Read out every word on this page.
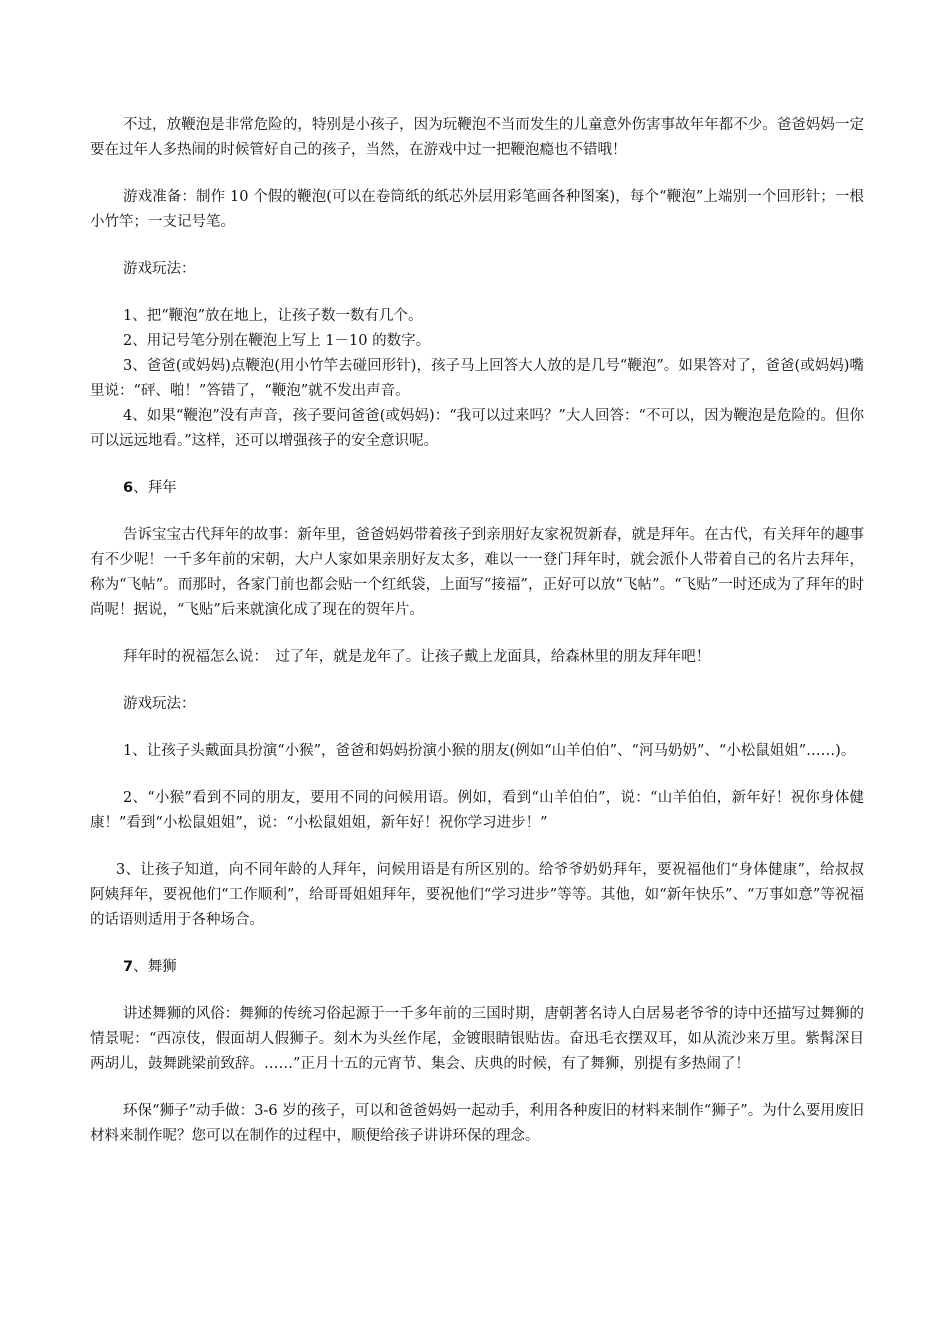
不过，放鞭泡是非常危险的，特别是小孩子，因为玩鞭泡不当而发生的儿童意外伤害事故年年都不少。爸爸妈妈一定要在过年人多热闹的时候管好自己的孩子，当然，在游戏中过一把鞭泡瘾也不错哦！

游戏准备：制作 10 个假的鞭泡(可以在卷筒纸的纸芯外层用彩笔画各种图案)，每个“鞭泡”上端别一个回形针；一根小竹竿；一支记号笔。

游戏玩法：

1、把“鞭泡”放在地上，让孩子数一数有几个。

2、用记号笔分别在鞭泡上写上 1－10 的数字。

3、爸爸(或妈妈)点鞭泡(用小竹竿去碰回形针)，孩子马上回答大人放的是几号“鞭泡”。如果答对了，爸爸(或妈妈)嘴里说：“砰、啪！”答错了，“鞭泡”就不发出声音。

4、如果“鞭泡”没有声音，孩子要问爸爸(或妈妈)：“我可以过来吗？”大人回答：“不可以，因为鞭泡是危险的。但你可以远远地看。”这样，还可以增强孩子的安全意识呢。

6、拜年

告诉宝宝古代拜年的故事：新年里，爸爸妈妈带着孩子到亲朋好友家祝贺新春，就是拜年。在古代，有关拜年的趣事有不少呢！一千多年前的宋朝，大户人家如果亲朋好友太多，难以一一登门拜年时，就会派仆人带着自己的名片去拜年，称为“飞帖”。而那时，各家门前也都会贴一个红纸袋，上面写“接福”，正好可以放“飞帖”。“飞贴”一时还成为了拜年的时尚呢！据说，“飞贴”后来就演化成了现在的贺年片。

拜年时的祝福怎么说：　过了年，就是龙年了。让孩子戴上龙面具，给森林里的朋友拜年吧！

游戏玩法：

1、让孩子头戴面具扮演“小猴”，爸爸和妈妈扮演小猴的朋友(例如“山羊伯伯”、“河马奶奶”、“小松鼠姐姐”……)。

2、“小猴”看到不同的朋友，要用不同的问候用语。例如，看到“山羊伯伯”，说：“山羊伯伯，新年好！祝你身体健康！”看到“小松鼠姐姐”，说：“小松鼠姐姐，新年好！祝你学习进步！”

3、让孩子知道，向不同年龄的人拜年，问候用语是有所区别的。给爷爷奶奶拜年，要祝福他们“身体健康”，给叔叔阿姨拜年，要祝他们“工作顺利”，给哥哥姐姐拜年，要祝他们“学习进步”等等。其他，如“新年快乐”、“万事如意”等祝福的话语则适用于各种场合。

7、舞狮

讲述舞狮的风俗：舞狮的传统习俗起源于一千多年前的三国时期，唐朝著名诗人白居易老爷爷的诗中还描写过舞狮的情景呢：“西凉伎，假面胡人假狮子。刻木为头丝作尾，金镀眼睛银贴齿。奋迅毛衣摆双耳，如从流沙来万里。紫髯深目两胡儿，鼓舞跳梁前致辞。……”正月十五的元宵节、集会、庆典的时候，有了舞狮，别提有多热闹了！

环保“狮子”动手做：3-6 岁的孩子，可以和爸爸妈妈一起动手，利用各种废旧的材料来制作“狮子”。为什么要用废旧材料来制作呢？您可以在制作的过程中，顺便给孩子讲讲环保的理念。
